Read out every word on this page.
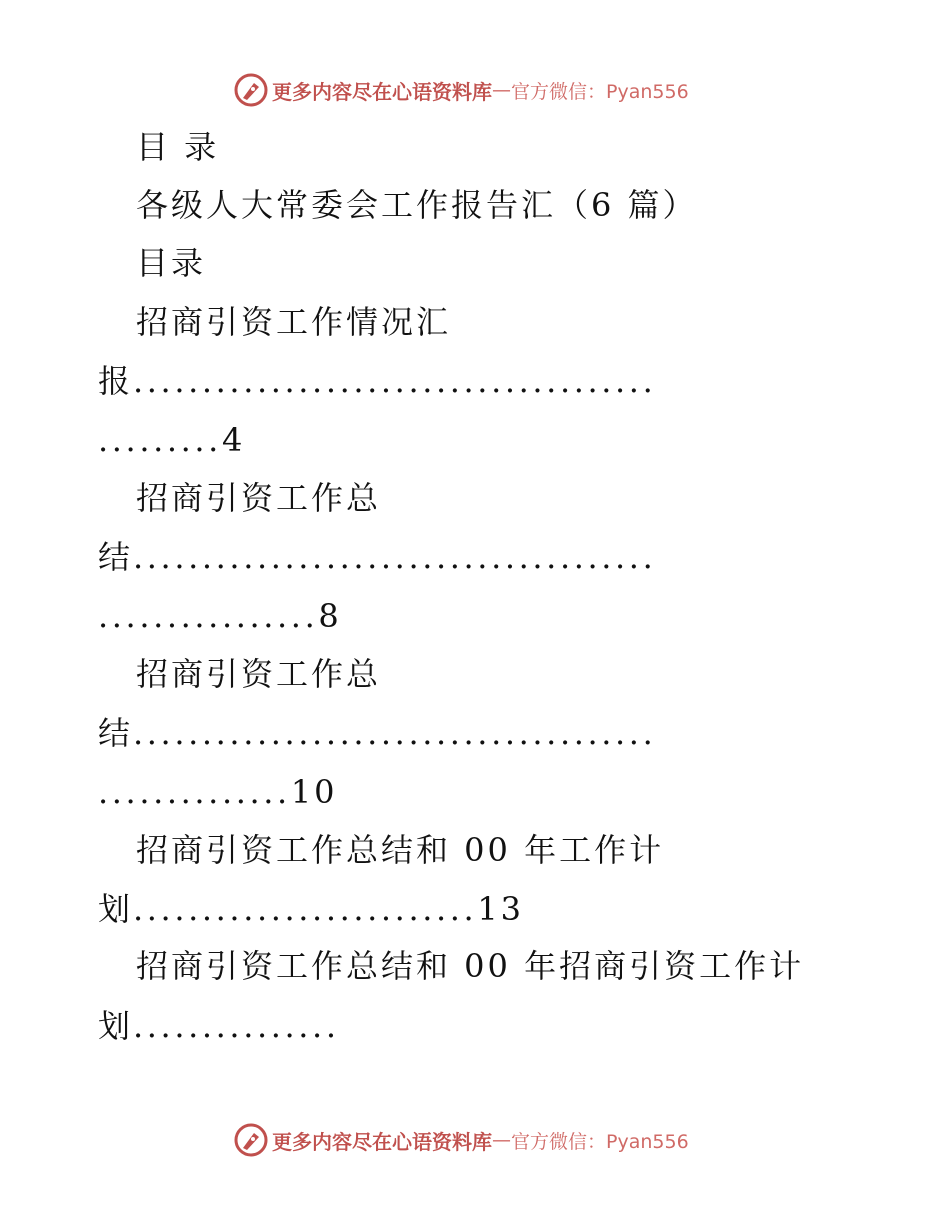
更多内容尽在心语资料库 — 官方微信：Pyan556
目 录
各级人大常委会工作报告汇（6 篇）
目录
招商引资工作情况汇
报......................................
.........4
招商引资工作总
结......................................
................8
招商引资工作总
结......................................
..............10
招商引资工作总结和 00 年工作计
划.........................13
招商引资工作总结和 00 年招商引资工作计
划...............
更多内容尽在心语资料库 — 官方微信：Pyan556
